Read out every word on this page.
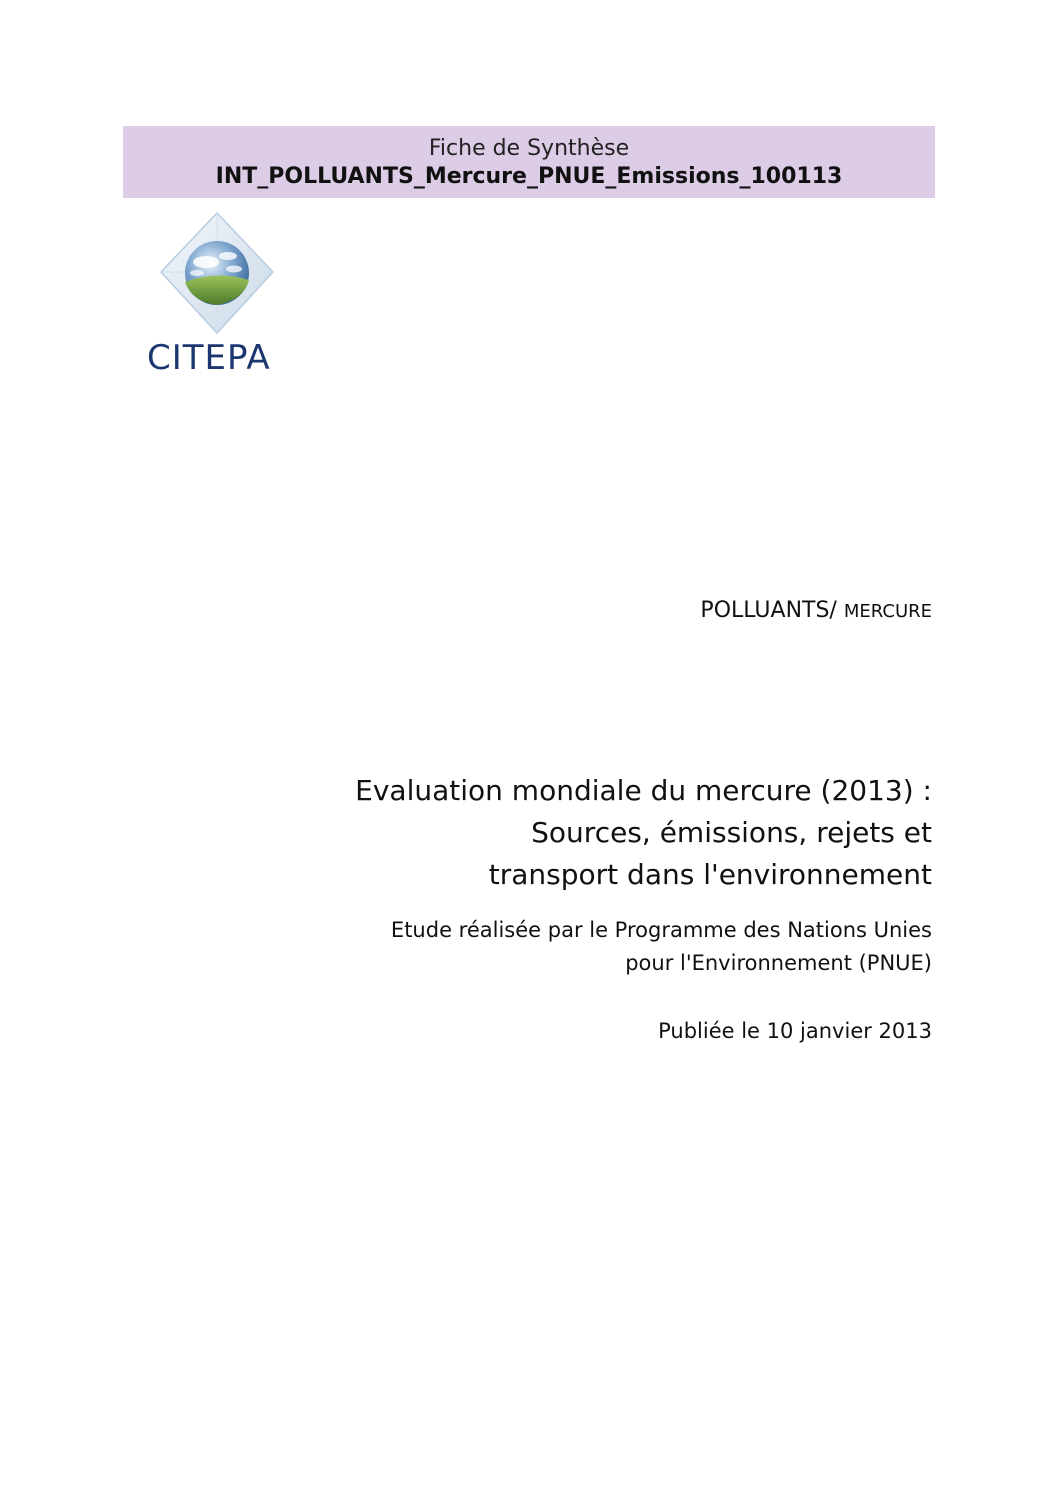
Fiche de Synthèse
INT_POLLUANTS_Mercure_PNUE_Emissions_100113
CITEPA
POLLUANTS/ MERCURE
Evaluation mondiale du mercure (2013) :
Sources, émissions, rejets et
transport dans l'environnement
Etude réalisée par le Programme des Nations Unies
pour l'Environnement (PNUE)
Publiée le 10 janvier 2013
